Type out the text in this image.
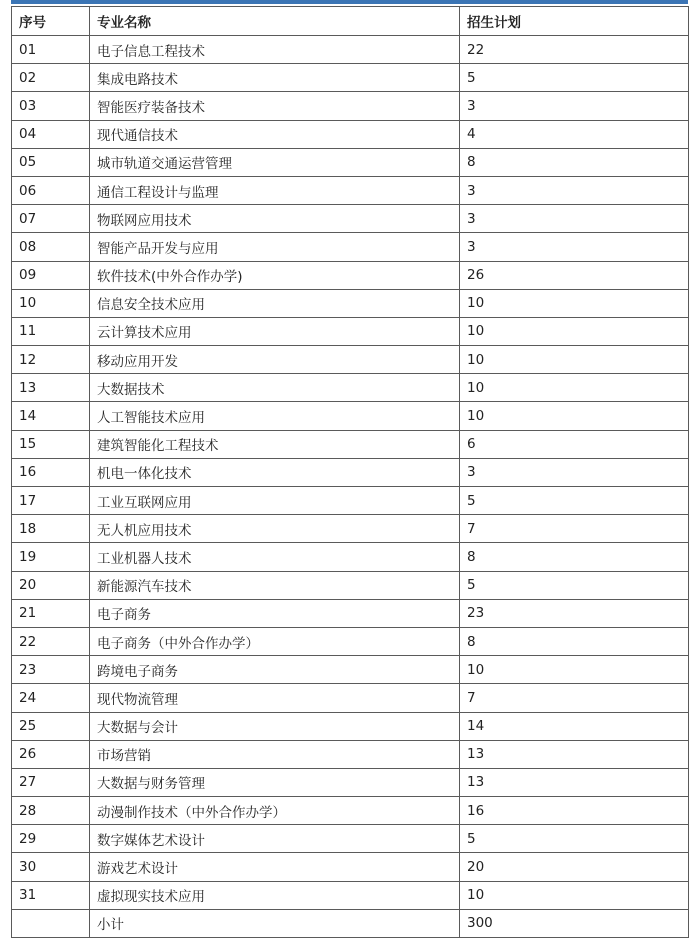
序号	专业名称	招生计划
01	电子信息工程技术	22
02	集成电路技术	5
03	智能医疗装备技术	3
04	现代通信技术	4
05	城市轨道交通运营管理	8
06	通信工程设计与监理	3
07	物联网应用技术	3
08	智能产品开发与应用	3
09	软件技术(中外合作办学)	26
10	信息安全技术应用	10
11	云计算技术应用	10
12	移动应用开发	10
13	大数据技术	10
14	人工智能技术应用	10
15	建筑智能化工程技术	6
16	机电一体化技术	3
17	工业互联网应用	5
18	无人机应用技术	7
19	工业机器人技术	8
20	新能源汽车技术	5
21	电子商务	23
22	电子商务（中外合作办学）	8
23	跨境电子商务	10
24	现代物流管理	7
25	大数据与会计	14
26	市场营销	13
27	大数据与财务管理	13
28	动漫制作技术（中外合作办学）	16
29	数字媒体艺术设计	5
30	游戏艺术设计	20
31	虚拟现实技术应用	10
	小计	300
